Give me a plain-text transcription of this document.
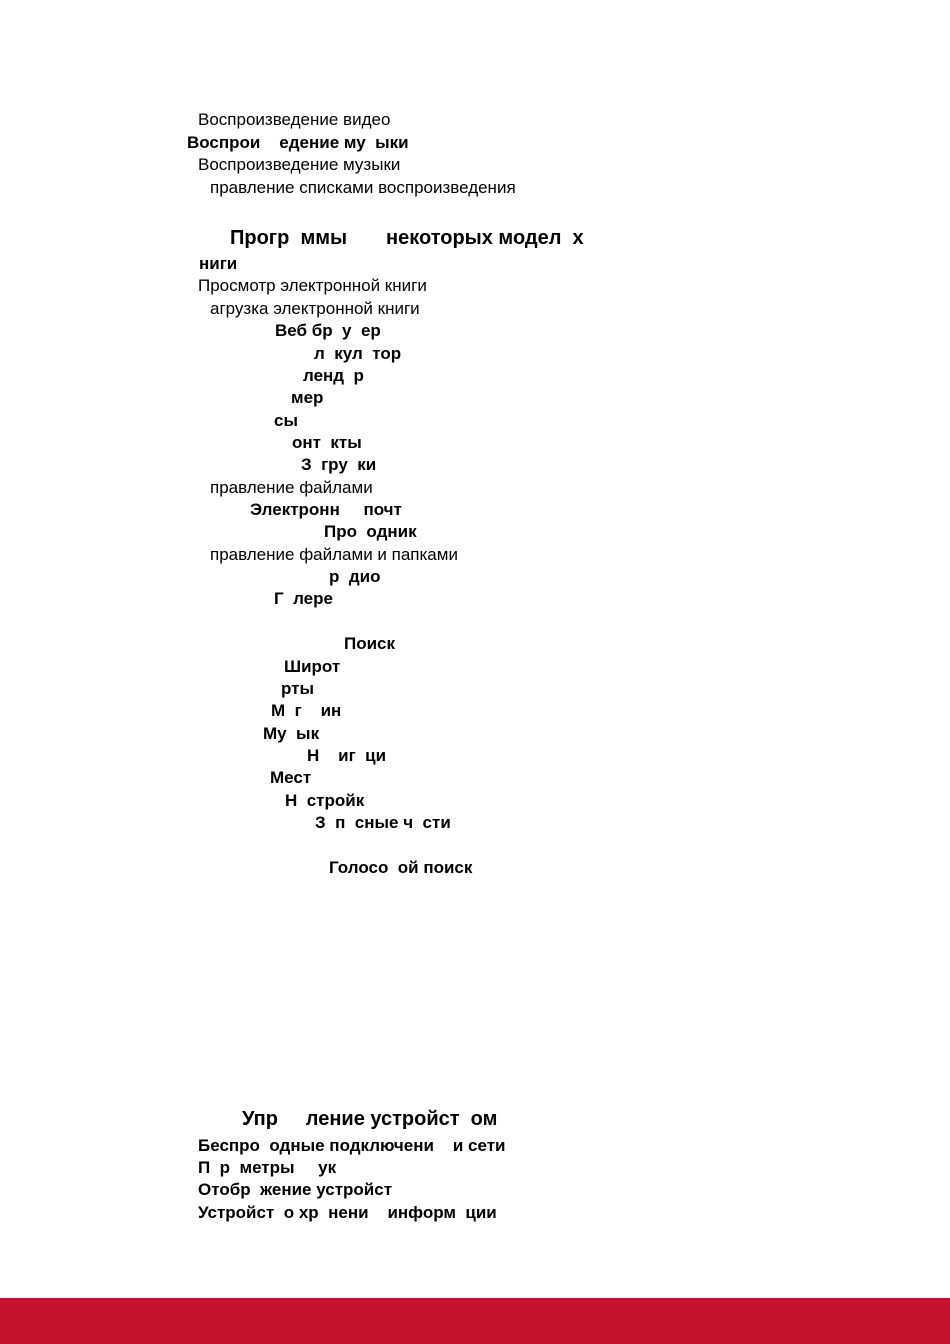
Воспроизведение видео
Воспрои    едение му  ыки
Воспроизведение музыки
правление списками воспроизведения
Прогр  ммы       некоторых модел  х
ниги
Просмотр электронной книги
агрузка электронной книги
Веб бр  у  ер
л  кул  тор
ленд  р
мер
сы
онт  кты
З  гру  ки
правление файлами
Электронн     почт
Про  одник
правление файлами и папками
р  дио
Г  лере
Поиск
Широт
рты
М  г    ин
Му  ык
Н    иг  ци
Мест
Н  стройк
З  п  сные ч  сти
Голосо  ой поиск
Упр     ление устройст  ом
Беспро  одные подключени    и сети
П  р  метры     ук
Отобр  жение устройст
Устройст  о хр  нени    информ  ции
